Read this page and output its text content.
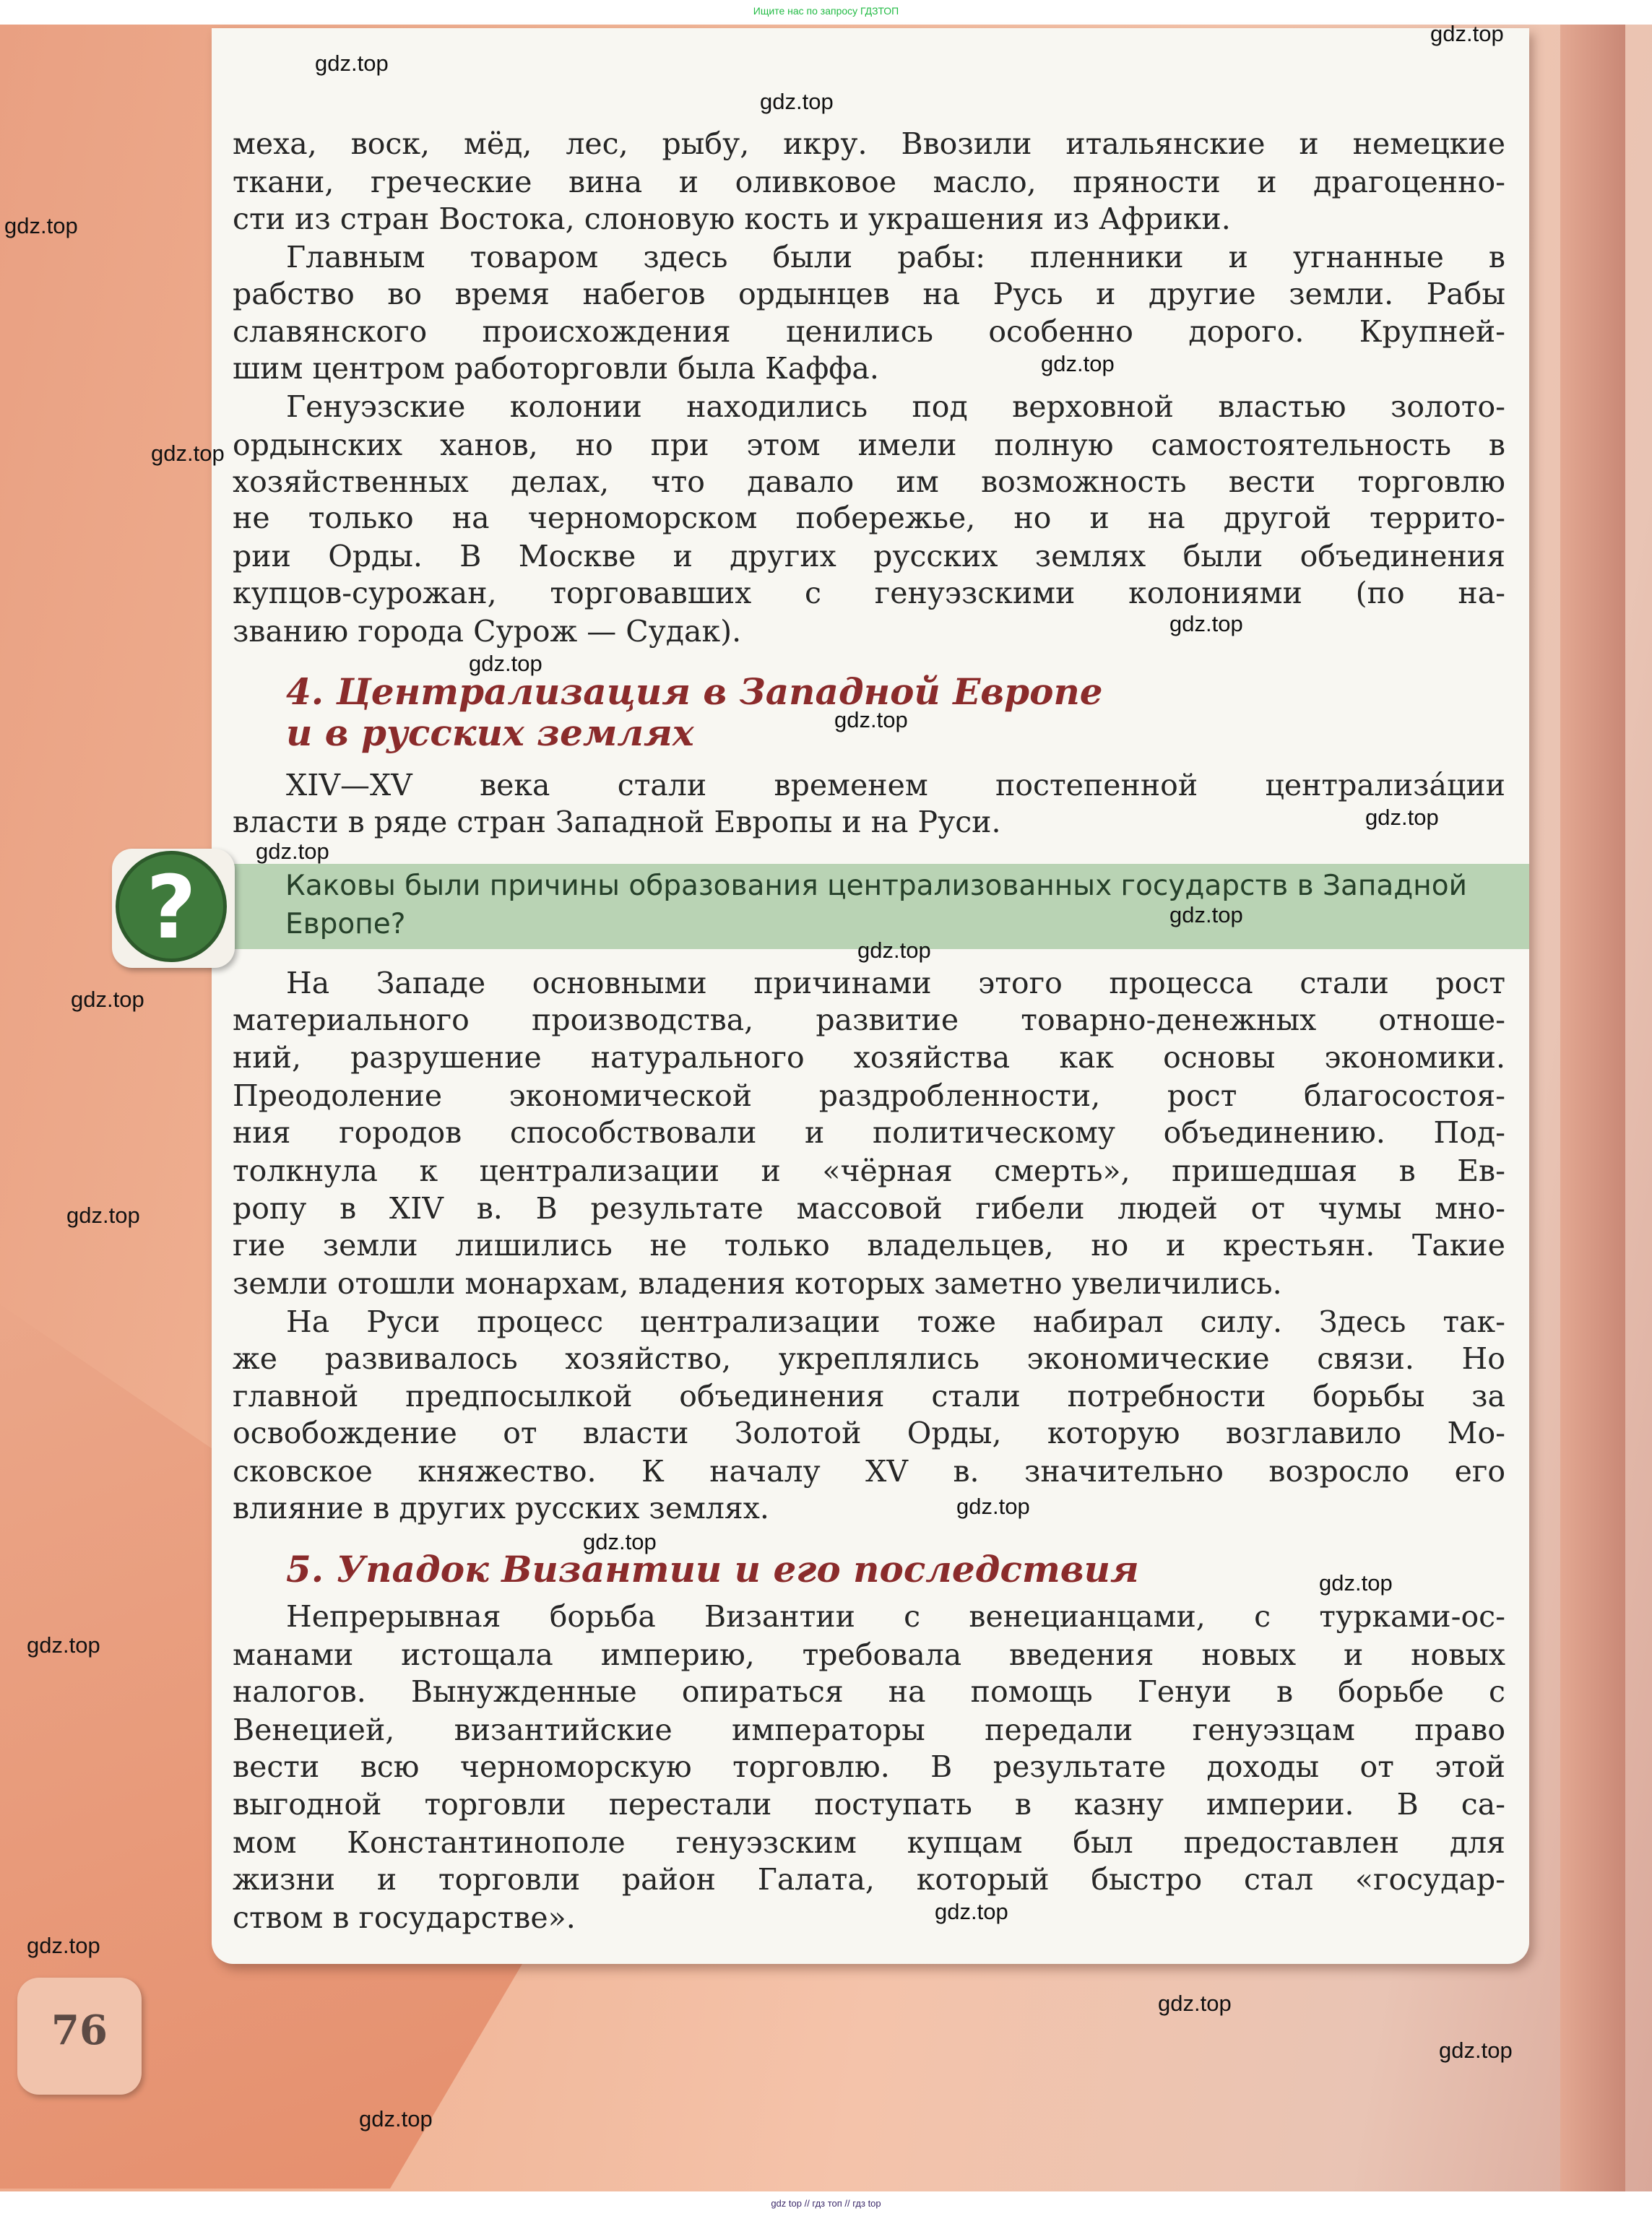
Ищите нас по запросу ГДЗТОП
Каковы были причины образования централизованных государств в Западной Европе?
?
4. Централизация в Западной Европе
и в русских землях
5. Упадок Византии и его последствия
76
меха, воск, мёд, лес, рыбу, икру. Ввозили итальянские и немецкие
ткани, греческие вина и оливковое масло, пряности и драгоценно-
сти из стран Востока, слоновую кость и украшения из Африки.
Главным товаром здесь были рабы: пленники и угнанные в
рабство во время набегов ордынцев на Русь и другие земли. Рабы
славянского происхождения ценились особенно дорого. Крупней-
шим центром работорговли была Каффа.
Генуэзские колонии находились под верховной властью золото-
ордынских ханов, но при этом имели полную самостоятельность в
хозяйственных делах, что давало им возможность вести торговлю
не только на черноморском побережье, но и на другой террито-
рии Орды. В Москве и других русских землях были объединения
купцов-сурожан, торговавших с генуэзскими колониями (по на-
званию города Сурож — Судак).
XIV—XV века стали временем постепенной централизáции
власти в ряде стран Западной Европы и на Руси.
На Западе основными причинами этого процесса стали рост
материального производства, развитие товарно-денежных отноше-
ний, разрушение натурального хозяйства как основы экономики.
Преодоление экономической раздробленности, рост благосостоя-
ния городов способствовали и политическому объединению. Под-
толкнула к централизации и «чёрная смерть», пришедшая в Ев-
ропу в XIV в. В результате массовой гибели людей от чумы мно-
гие земли лишились не только владельцев, но и крестьян. Такие
земли отошли монархам, владения которых заметно увеличились.
На Руси процесс централизации тоже набирал силу. Здесь так-
же развивалось хозяйство, укреплялись экономические связи. Но
главной предпосылкой объединения стали потребности борьбы за
освобождение от власти Золотой Орды, которую возглавило Мо-
сковское княжество. К началу XV в. значительно возросло его
влияние в других русских землях.
Непрерывная борьба Византии с венецианцами, с турками-ос-
манами истощала империю, требовала введения новых и новых
налогов. Вынужденные опираться на помощь Генуи в борьбе с
Венецией, византийские императоры передали генуэзцам право
вести всю черноморскую торговлю. В результате доходы от этой
выгодной торговли перестали поступать в казну империи. В са-
мом Константинополе генуэзским купцам был предоставлен для
жизни и торговли район Галата, который быстро стал «государ-
ством в государстве».
gdz.top
gdz.top
gdz.top
gdz.top
gdz.top
gdz.top
gdz.top
gdz.top
gdz.top
gdz.top
gdz.top
gdz.top
gdz.top
gdz.top
gdz.top
gdz.top
gdz.top
gdz.top
gdz.top
gdz.top
gdz.top
gdz.top
gdz.top
gdz.top
gdz top // гдз топ // гдз top
